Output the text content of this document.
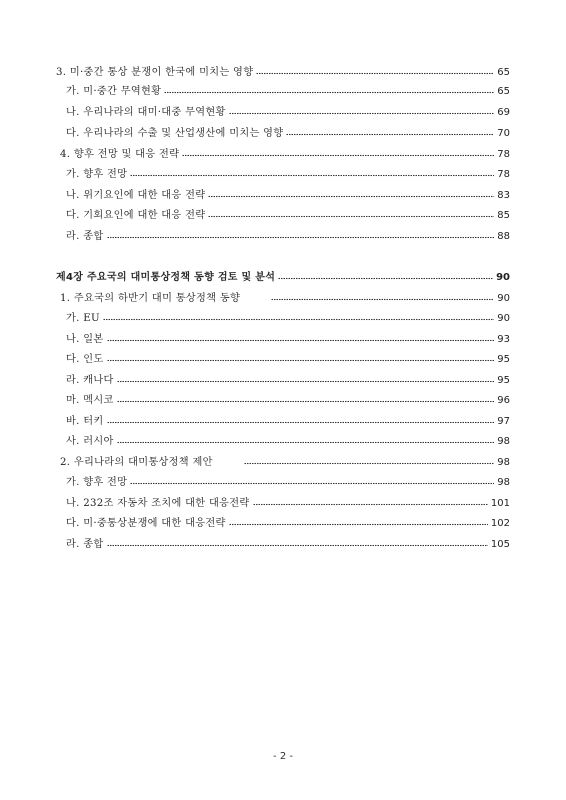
3. 미·중간 통상 분쟁이 한국에 미치는 영향	65
가. 미·중간 무역현황	65
나. 우리나라의 대미·대중 무역현황	69
다. 우리나라의 수출 및 산업생산에 미치는 영향	70
4. 향후 전망 및 대응 전략	78
가. 향후 전망	78
나. 위기요인에 대한 대응 전략	83
다. 기회요인에 대한 대응 전략	85
라. 종합	88
제4장 주요국의 대미통상정책 동향 검토 및 분석	90
1. 주요국의 하반기 대미 통상정책 동향	90
가. EU	90
나. 일본	93
다. 인도	95
라. 캐나다	95
마. 멕시코	96
바. 터키	97
사. 러시아	98
2. 우리나라의 대미통상정책 제안	98
가. 향후 전망	98
나. 232조 자동차 조치에 대한 대응전략	101
다. 미·중통상분쟁에 대한 대응전략	102
라. 종합	105
- 2 -
